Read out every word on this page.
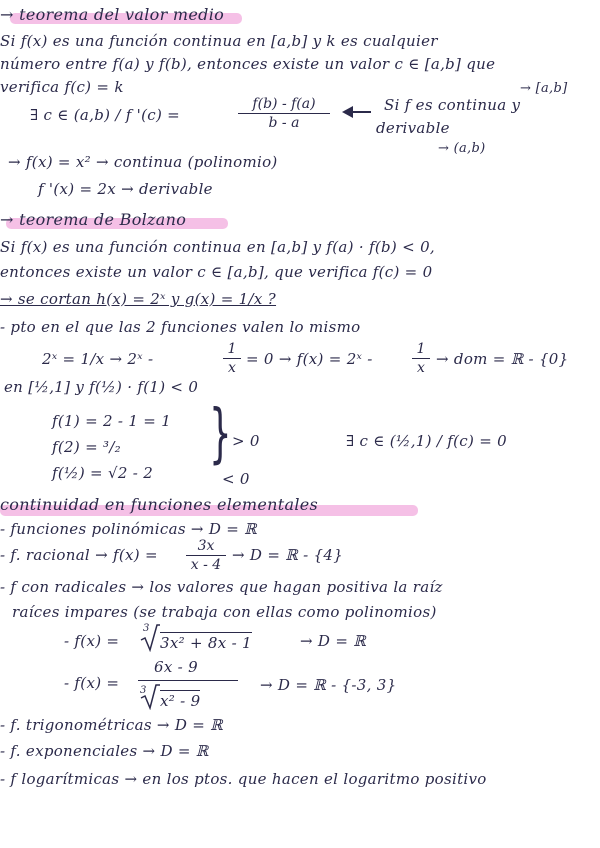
→ teorema del valor medio
Si f(x) es una función continua en [a,b] y k es cualquier
número entre f(a) y f(b), entonces existe un valor c ∈ [a,b] que
verifica f(c) = k
∃ c ∈ (a,b) / f '(c) =
f(b) - f(a)
b - a
→ [a,b]
Si f es continua y
derivable
→ (a,b)
→ f(x) = x² → continua (polinomio)
f '(x) = 2x → derivable
→ teorema de Bolzano
Si f(x) es una función continua en [a,b] y f(a) · f(b) < 0,
entonces existe un valor c ∈ [a,b], que verifica f(c) = 0
→ se cortan h(x) = 2ˣ y g(x) = 1/x ?
- pto en el que las 2 funciones valen lo mismo
2ˣ = 1/x → 2ˣ -
1
x = 0 → f(x) = 2ˣ -
1
x → dom = ℝ - {0}
en [½,1] y f(½) · f(1) < 0
f(1) = 2 - 1 = 1
f(2) = ³/₂
f(½) = √2 - 2
} > 0
< 0
∃ c ∈ (½,1) / f(c) = 0
continuidad en funciones elementales
- funciones polinómicas → D = ℝ
- f. racional → f(x) =	3x
x - 4
→ D = ℝ - {4}
- f con radicales → los valores que hagan positiva la raíz
raíces impares (se trabaja con ellas como polinomios)
- f(x) =
3
3x² + 8x - 1	→ D = ℝ
- f(x) =
6x - 9
3
x² - 9
→ D = ℝ - {-3, 3}
- f. trigonométricas → D = ℝ
- f. exponenciales → D = ℝ
- f logarítmicas → en los ptos. que hacen el logaritmo positivo
